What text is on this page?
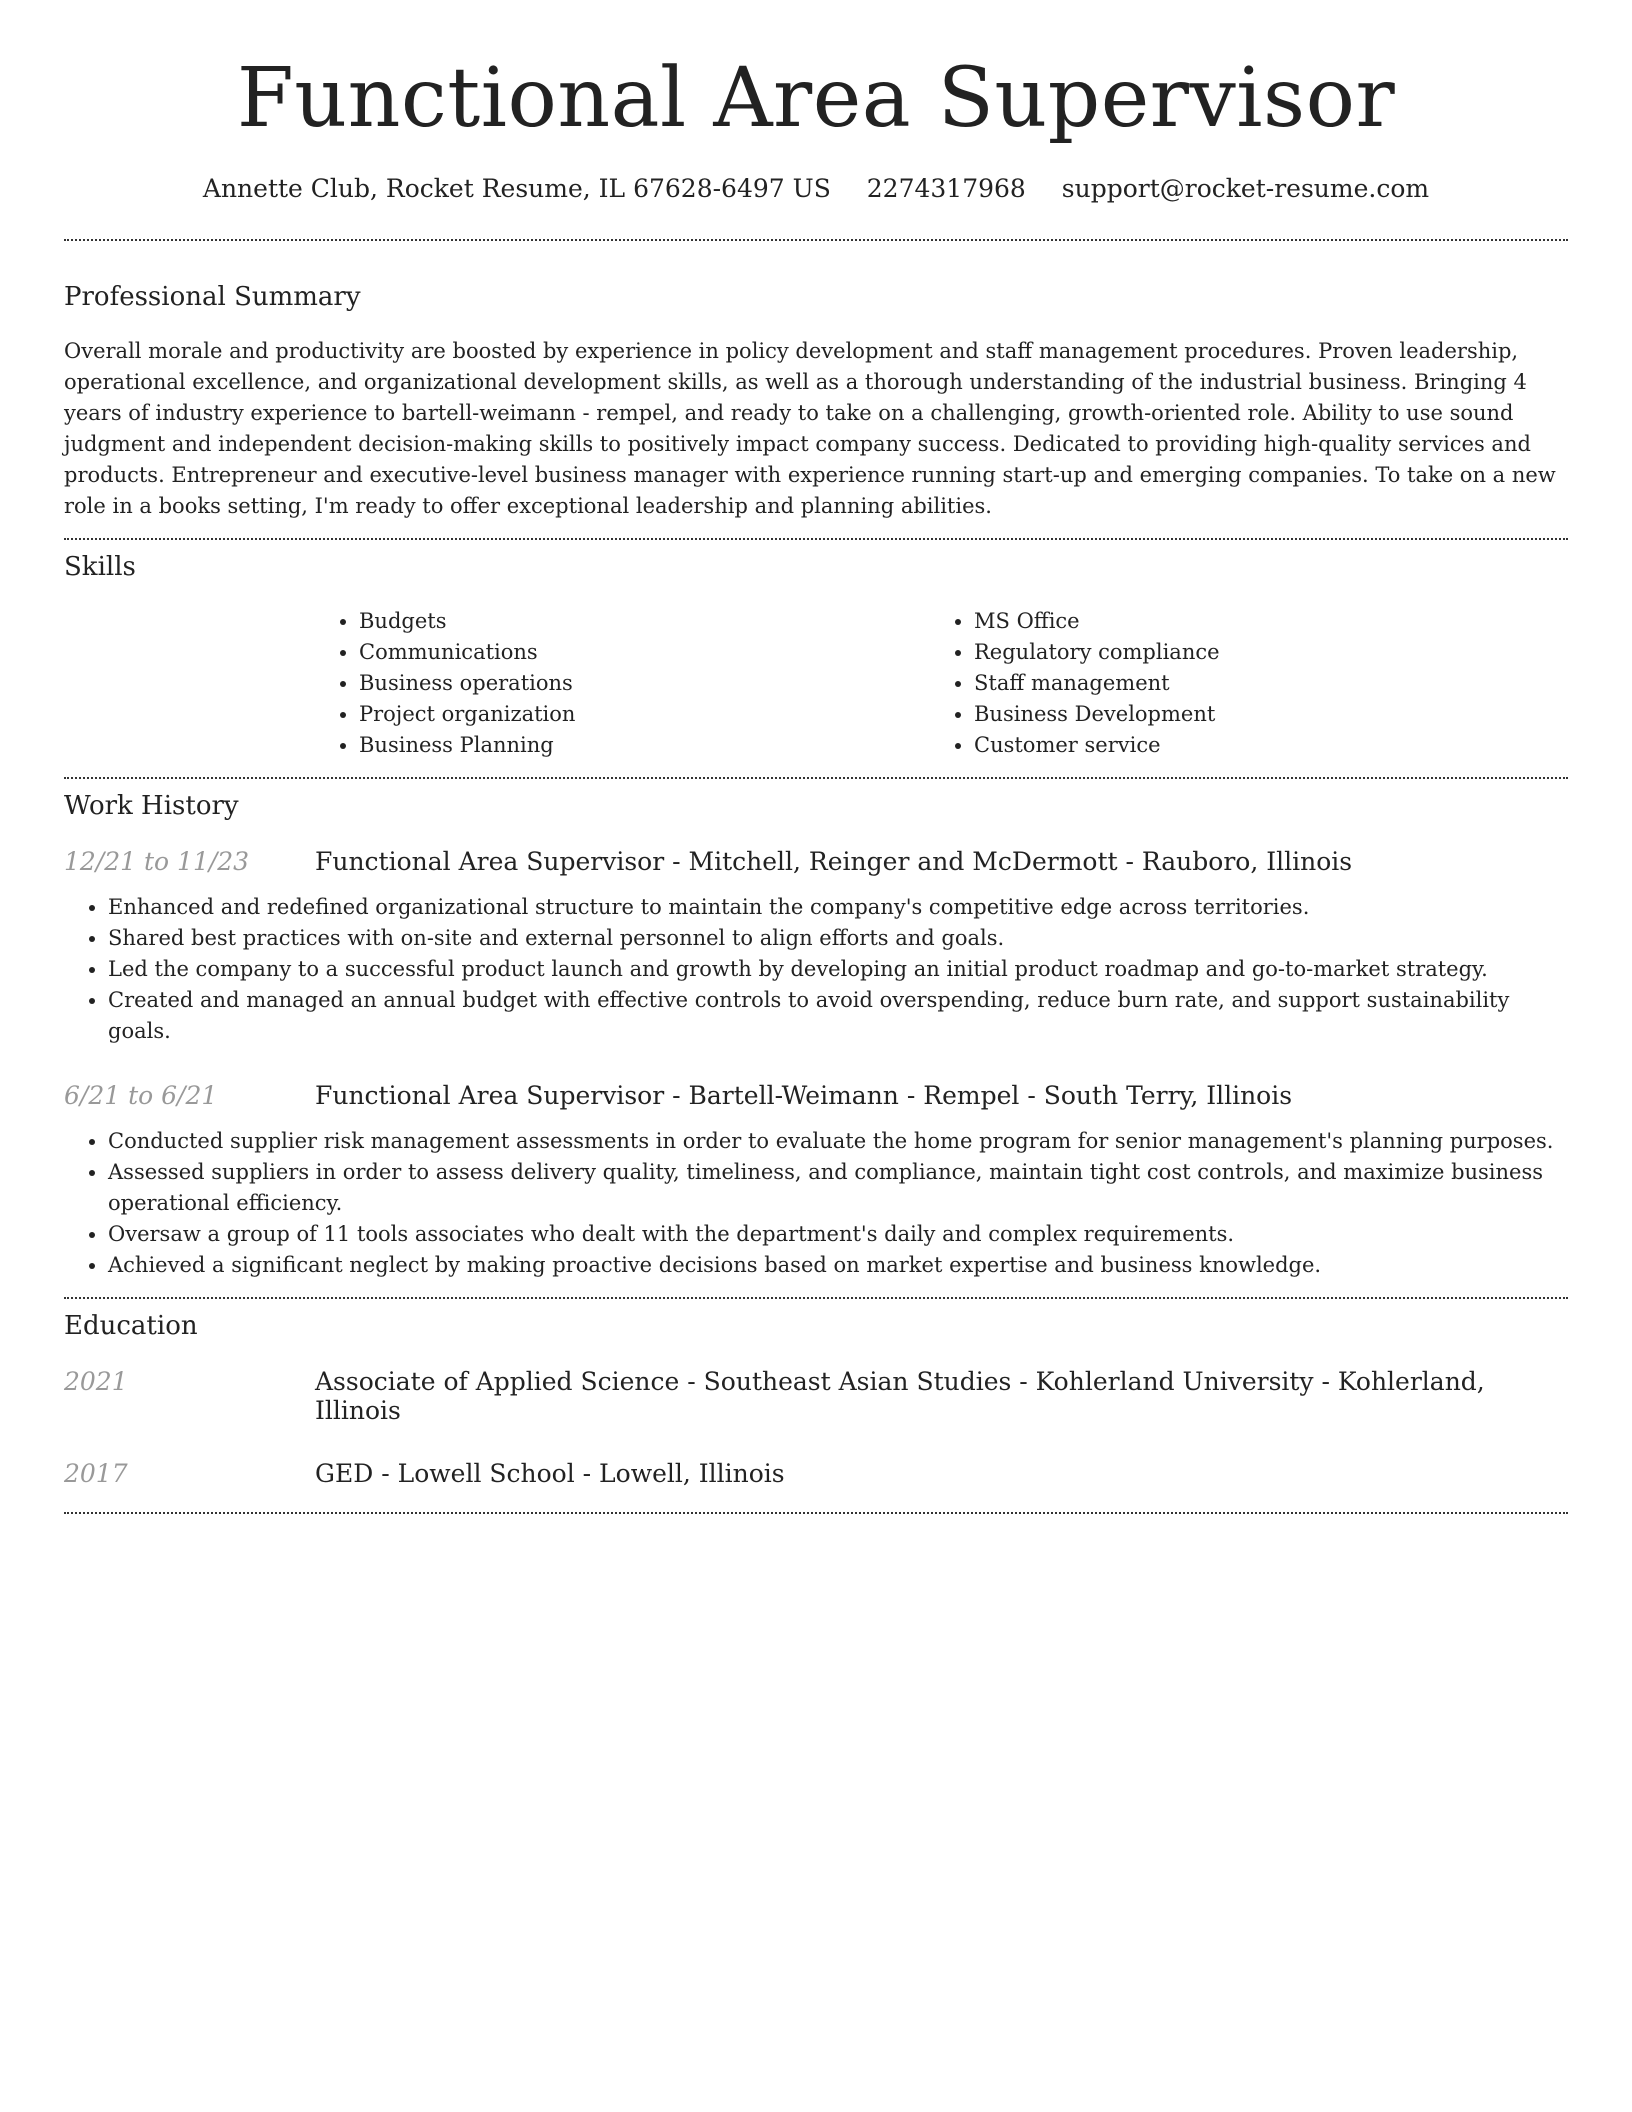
Functional Area Supervisor
Annette Club, Rocket Resume, IL 67628-6497 US 2274317968 support@rocket-resume.com
Professional Summary

Overall morale and productivity are boosted by experience in policy development and staff management procedures. Proven leadership, operational excellence, and organizational development skills, as well as a thorough understanding of the industrial business. Bringing 4 years of industry experience to bartell-weimann - rempel, and ready to take on a challenging, growth-oriented role. Ability to use sound judgment and independent decision-making skills to positively impact company success. Dedicated to providing high-quality services and products. Entrepreneur and executive-level business manager with experience running start-up and emerging companies. To take on a new role in a books setting, I'm ready to offer exceptional leadership and planning abilities.

Skills
• Budgets
• Communications
• Business operations
• Project organization
• Business Planning
• MS Office
• Regulatory compliance
• Staff management
• Business Development
• Customer service
Work History
12/21 to 11/23	Functional Area Supervisor - Mitchell, Reinger and McDermott - Rauboro, Illinois
• Enhanced and redefined organizational structure to maintain the company's competitive edge across territories.
• Shared best practices with on-site and external personnel to align efforts and goals.
• Led the company to a successful product launch and growth by developing an initial product roadmap and go-to-market strategy.
• Created and managed an annual budget with effective controls to avoid overspending, reduce burn rate, and support sustainability goals.
6/21 to 6/21	Functional Area Supervisor - Bartell-Weimann - Rempel - South Terry, Illinois
• Conducted supplier risk management assessments in order to evaluate the home program for senior management's planning purposes.
• Assessed suppliers in order to assess delivery quality, timeliness, and compliance, maintain tight cost controls, and maximize business operational efficiency.
• Oversaw a group of 11 tools associates who dealt with the department's daily and complex requirements.
• Achieved a significant neglect by making proactive decisions based on market expertise and business knowledge.
Education
2021	Associate of Applied Science - Southeast Asian Studies - Kohlerland University - Kohlerland, Illinois
2017	GED - Lowell School - Lowell, Illinois
